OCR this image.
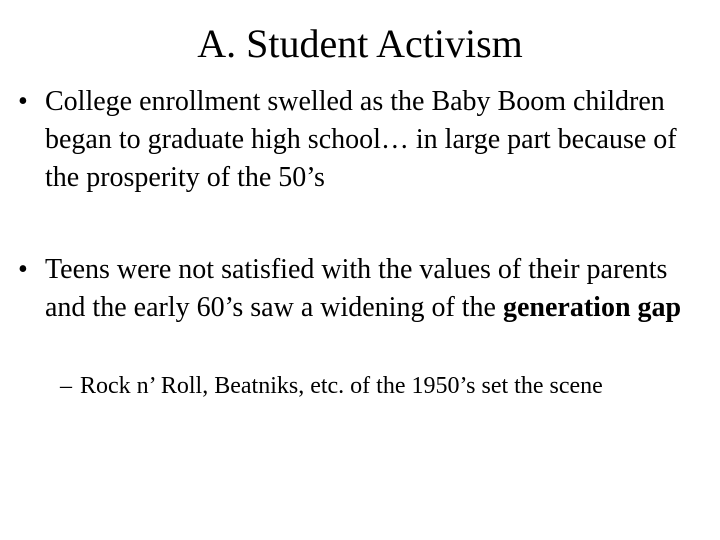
A. Student Activism
• College enrollment swelled as the Baby Boom children began to graduate high school… in large part because of the prosperity of the 50’s
• Teens were not satisfied with the values of their parents and the early 60’s saw a widening of the generation gap
– Rock n’ Roll, Beatniks, etc. of the 1950’s set the scene
